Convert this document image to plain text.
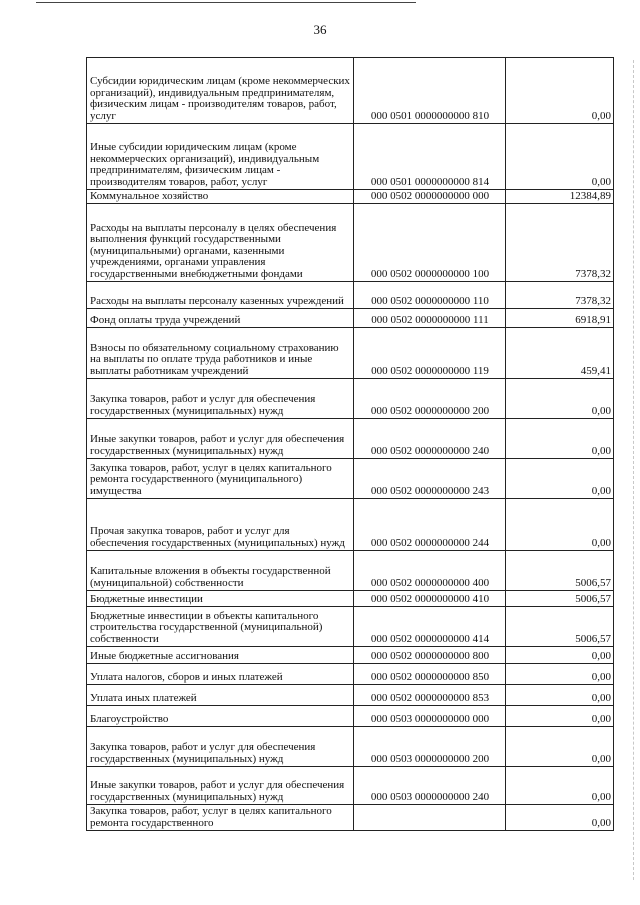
36
Субсидии юридическим лицам (кроме некоммерческих организаций), индивидуальным предпринимателям, физическим лицам - производителям товаров, работ, услуг	000 0501 0000000000 810	0,00
Иные субсидии юридическим лицам (кроме некоммерческих организаций), индивидуальным предпринимателям, физическим лицам - производителям товаров, работ, услуг	000 0501 0000000000 814	0,00
Коммунальное хозяйство	000 0502 0000000000 000	12384,89
Расходы на выплаты персоналу в целях обеспечения выполнения функций государственными (муниципальными) органами, казенными учреждениями, органами управления государственными внебюджетными фондами	000 0502 0000000000 100	7378,32
Расходы на выплаты персоналу казенных учреждений	000 0502 0000000000 110	7378,32
Фонд оплаты труда учреждений	000 0502 0000000000 111	6918,91
Взносы по обязательному социальному страхованию на выплаты по оплате труда работников и иные выплаты работникам учреждений	000 0502 0000000000 119	459,41
Закупка товаров, работ и услуг для обеспечения государственных (муниципальных) нужд	000 0502 0000000000 200	0,00
Иные закупки товаров, работ и услуг для обеспечения государственных (муниципальных) нужд	000 0502 0000000000 240	0,00
Закупка товаров, работ, услуг в целях капитального ремонта государственного (муниципального) имущества	000 0502 0000000000 243	0,00
Прочая закупка товаров, работ и услуг для обеспечения государственных (муниципальных) нужд	000 0502 0000000000 244	0,00
Капитальные вложения в объекты государственной (муниципальной) собственности	000 0502 0000000000 400	5006,57
Бюджетные инвестиции	000 0502 0000000000 410	5006,57
Бюджетные инвестиции в объекты капитального строительства государственной (муниципальной) собственности	000 0502 0000000000 414	5006,57
Иные бюджетные ассигнования	000 0502 0000000000 800	0,00
Уплата налогов, сборов и иных платежей	000 0502 0000000000 850	0,00
Уплата иных платежей	000 0502 0000000000 853	0,00
Благоустройство	000 0503 0000000000 000	0,00
Закупка товаров, работ и услуг для обеспечения государственных (муниципальных) нужд	000 0503 0000000000 200	0,00
Иные закупки товаров, работ и услуг для обеспечения государственных (муниципальных) нужд	000 0503 0000000000 240	0,00
Закупка товаров, работ, услуг в целях капитального ремонта государственного		0,00
